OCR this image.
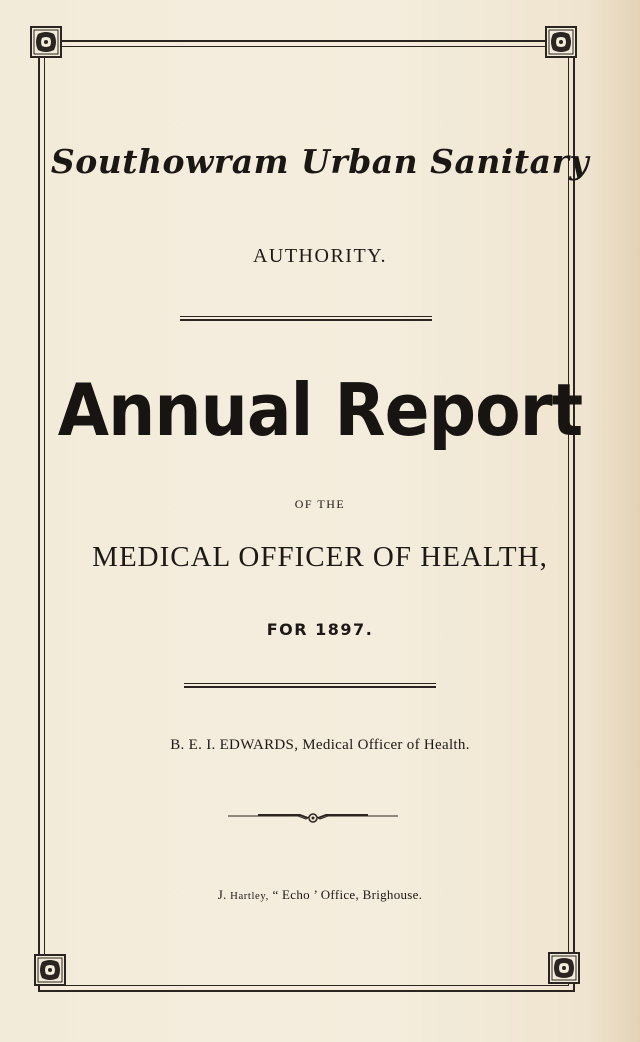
Southowram Urban Sanitary
AUTHORITY.
Annual Report
OF THE
MEDICAL OFFICER OF HEALTH,
FOR 1897.
B. E. I. EDWARDS, Medical Officer of Health.
J. Hartley, “ Echo ’ Office, Brighouse.
